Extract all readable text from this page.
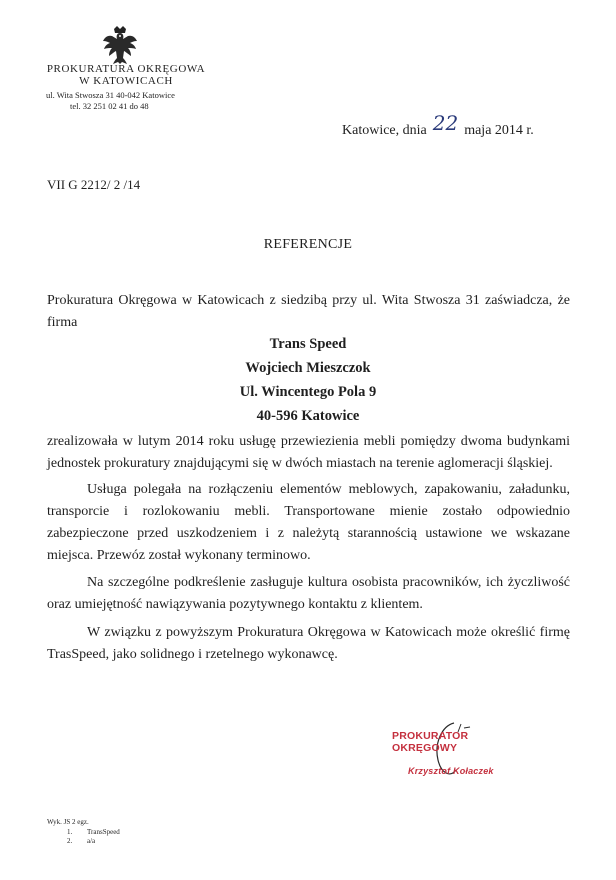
PROKURATURA OKRĘGOWA
W KATOWICACH
ul. Wita Stwosza 31 40-042 Katowice
tel. 32 251 02 41 do 48
Katowice, dnia 22 maja 2014 r.
VII G 2212/ 2 /14
REFERENCJE
Prokuratura Okręgowa w Katowicach z siedzibą przy ul. Wita Stwosza 31 zaświadcza, że firma
Trans Speed
Wojciech Mieszczok
Ul. Wincentego Pola 9
40-596 Katowice
zrealizowała w lutym 2014 roku usługę przewiezienia mebli pomiędzy dwoma budynkami jednostek prokuratury znajdującymi się w dwóch miastach na terenie aglomeracji śląskiej.
Usługa polegała na rozłączeniu elementów meblowych, zapakowaniu, załadunku, transporcie i rozlokowaniu mebli. Transportowane mienie zostało odpowiednio zabezpieczone przed uszkodzeniem i z należytą starannością ustawione we wskazane miejsca. Przewóz został wykonany terminowo.
Na szczególne podkreślenie zasługuje kultura osobista pracowników, ich życzliwość oraz umiejętność nawiązywania pozytywnego kontaktu z klientem.
W związku z powyższym Prokuratura Okręgowa w Katowicach może określić firmę TrasSpeed, jako solidnego i rzetelnego wykonawcę.
PROKURATOR OKRĘGOWY
Krzysztof Kołaczek
Wyk. JS 2 egz.
1. TransSpeed
2. a/a
